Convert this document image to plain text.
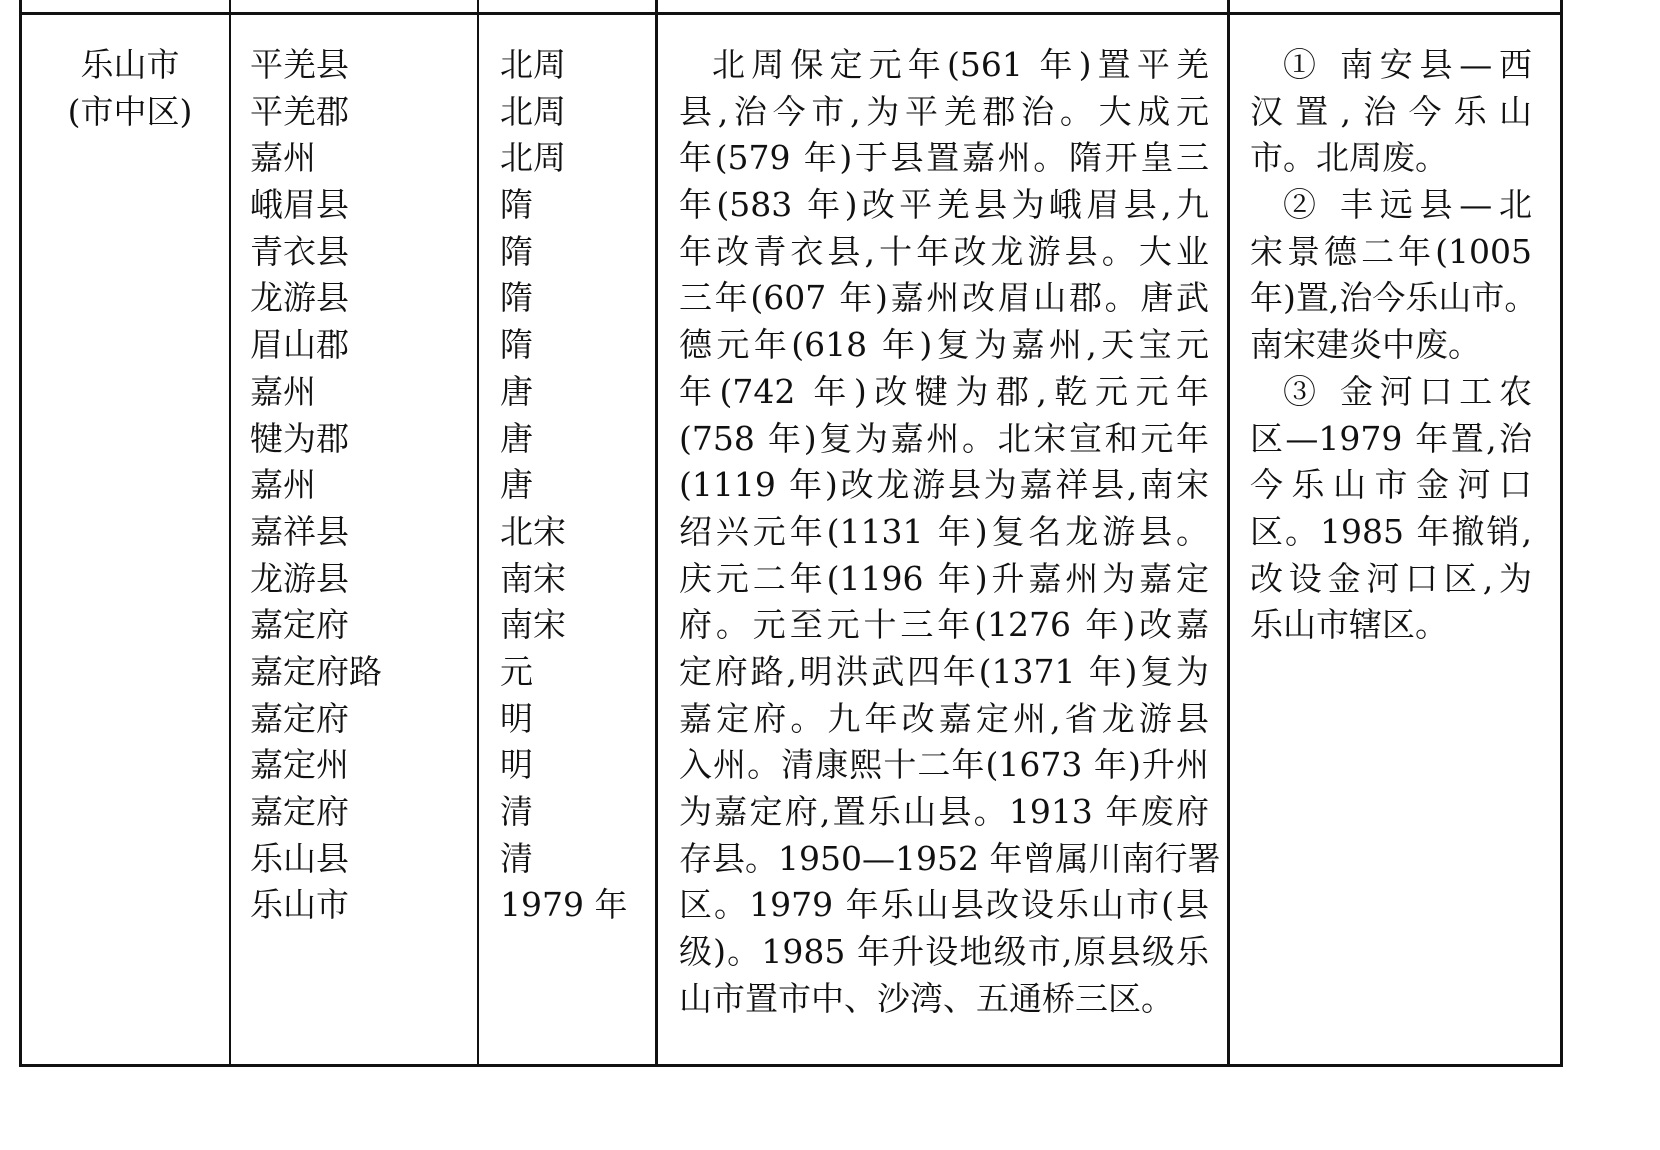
乐山市
(市中区)
平羌县
平羌郡
嘉州
峨眉县
青衣县
龙游县
眉山郡
嘉州
犍为郡
嘉州
嘉祥县
龙游县
嘉定府
嘉定府路
嘉定府
嘉定州
嘉定府
乐山县
乐山市
北周
北周
北周
隋
隋
隋
隋
唐
唐
唐
北宋
南宋
南宋
元
明
明
清
清
1979 年
北周保定元年(561 年)置平羌
县,治今市,为平羌郡治。大成元
年(579 年)于县置嘉州。隋开皇三
年(583 年)改平羌县为峨眉县,九
年改青衣县,十年改龙游县。大业
三年(607 年)嘉州改眉山郡。唐武
德元年(618 年)复为嘉州,天宝元
年(742 年)改犍为郡,乾元元年
(758 年)复为嘉州。北宋宣和元年
(1119 年)改龙游县为嘉祥县,南宋
绍兴元年(1131 年)复名龙游县。
庆元二年(1196 年)升嘉州为嘉定
府。元至元十三年(1276 年)改嘉
定府路,明洪武四年(1371 年)复为
嘉定府。九年改嘉定州,省龙游县
入州。清康熙十二年(1673 年)升州
为嘉定府,置乐山县。1913 年废府
存县。1950—1952 年曾属川南行署
区。1979 年乐山县改设乐山市(县
级)。1985 年升设地级市,原县级乐
山市置市中、沙湾、五通桥三区。
① 南安县—西
汉置,治今乐山
市。北周废。
② 丰远县—北
宋景德二年(1005
年)置,治今乐山市。
南宋建炎中废。
③ 金河口工农
区—1979 年置,治
今乐山市金河口
区。1985 年撤销,
改设金河口区,为
乐山市辖区。
